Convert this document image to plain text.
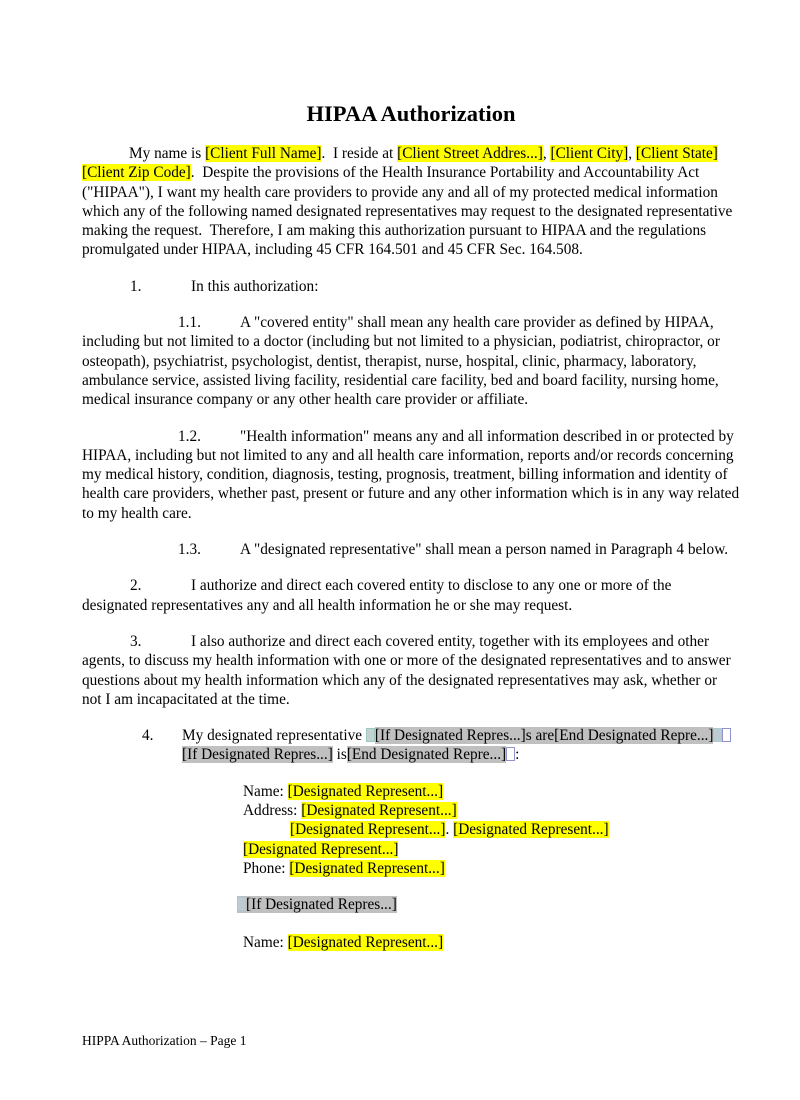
HIPAA Authorization

My name is [Client Full Name].  I reside at [Client Street Addres...], [Client City], [Client State] [Client Zip Code].  Despite the provisions of the Health Insurance Portability and Accountability Act ("HIPAA"), I want my health care providers to provide any and all of my protected medical information which any of the following named designated representatives may request to the designated representative making the request.  Therefore, I am making this authorization pursuant to HIPAA and the regulations promulgated under HIPAA, including 45 CFR 164.501 and 45 CFR Sec. 164.508.

1.	In this authorization:

1.1.	A "covered entity" shall mean any health care provider as defined by HIPAA, including but not limited to a doctor (including but not limited to a physician, podiatrist, chiropractor, or osteopath), psychiatrist, psychologist, dentist, therapist, nurse, hospital, clinic, pharmacy, laboratory, ambulance service, assisted living facility, residential care facility, bed and board facility, nursing home, medical insurance company or any other health care provider or affiliate.

1.2.	"Health information" means any and all information described in or protected by HIPAA, including but not limited to any and all health care information, reports and/or records concerning my medical history, condition, diagnosis, testing, prognosis, treatment, billing information and identity of health care providers, whether past, present or future and any other information which is in any way related to my health care.

1.3.	A "designated representative" shall mean a person named in Paragraph 4 below.

2.	I authorize and direct each covered entity to disclose to any one or more of the designated representatives any and all health information he or she may request.

3.	I also authorize and direct each covered entity, together with its employees and other agents, to discuss my health information with one or more of the designated representatives and to answer questions about my health information which any of the designated representatives may ask, whether or not I am incapacitated at the time.

4. My designated representative [If Designated Repres...]s are[End Designated Repre...][If Designated Repres...] is[End Designated Repre...] :

Name: [Designated Represent...]
Address: [Designated Represent...]
[Designated Represent...]. [Designated Represent...]
[Designated Represent...]
Phone: [Designated Represent...]
[If Designated Repres...]
Name: [Designated Represent...]
HIPPA Authorization – Page 1
